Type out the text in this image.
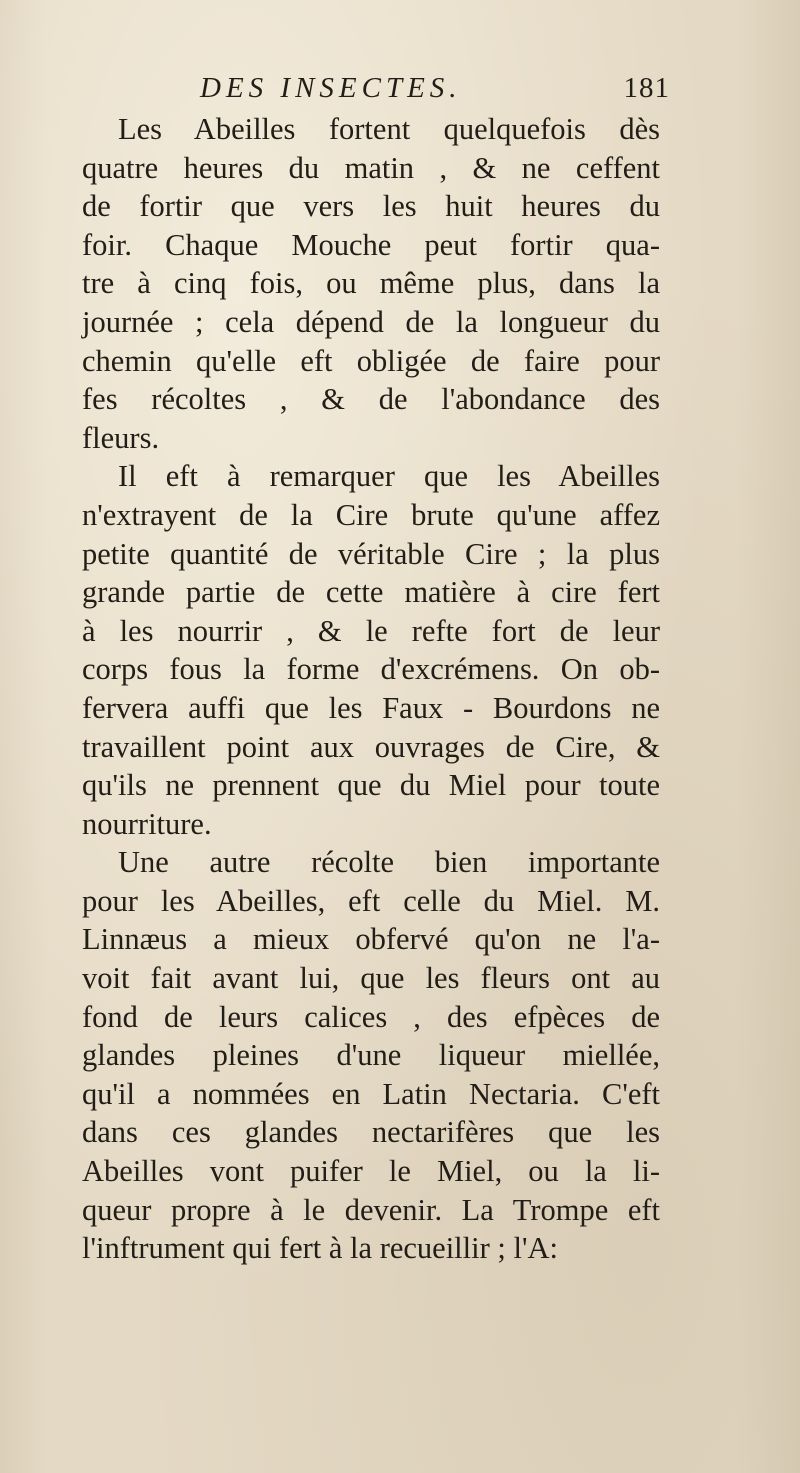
DES INSECTES.	181
Les Abeilles fortent quelquefois dès
quatre heures du matin , & ne ceffent
de fortir que vers les huit heures du
foir. Chaque Mouche peut fortir qua-
tre à cinq fois, ou même plus, dans la
journée ; cela dépend de la longueur du
chemin qu'elle eft obligée de faire pour
fes récoltes , & de l'abondance des
fleurs.
Il eft à remarquer que les Abeilles
n'extrayent de la Cire brute qu'une affez
petite quantité de véritable Cire ; la plus
grande partie de cette matière à cire fert
à les nourrir , & le refte fort de leur
corps fous la forme d'excrémens. On ob-
fervera auffi que les Faux - Bourdons ne
travaillent point aux ouvrages de Cire, &
qu'ils ne prennent que du Miel pour toute
nourriture.
Une autre récolte bien importante
pour les Abeilles, eft celle du Miel. M.
Linnæus a mieux obfervé qu'on ne l'a-
voit fait avant lui, que les fleurs ont au
fond de leurs calices , des efpèces de
glandes pleines d'une liqueur miellée,
qu'il a nommées en Latin Nectaria. C'eft
dans ces glandes nectarifères que les
Abeilles vont puifer le Miel, ou la li-
queur propre à le devenir. La Trompe eft
l'inftrument qui fert à la recueillir ; l'A:
